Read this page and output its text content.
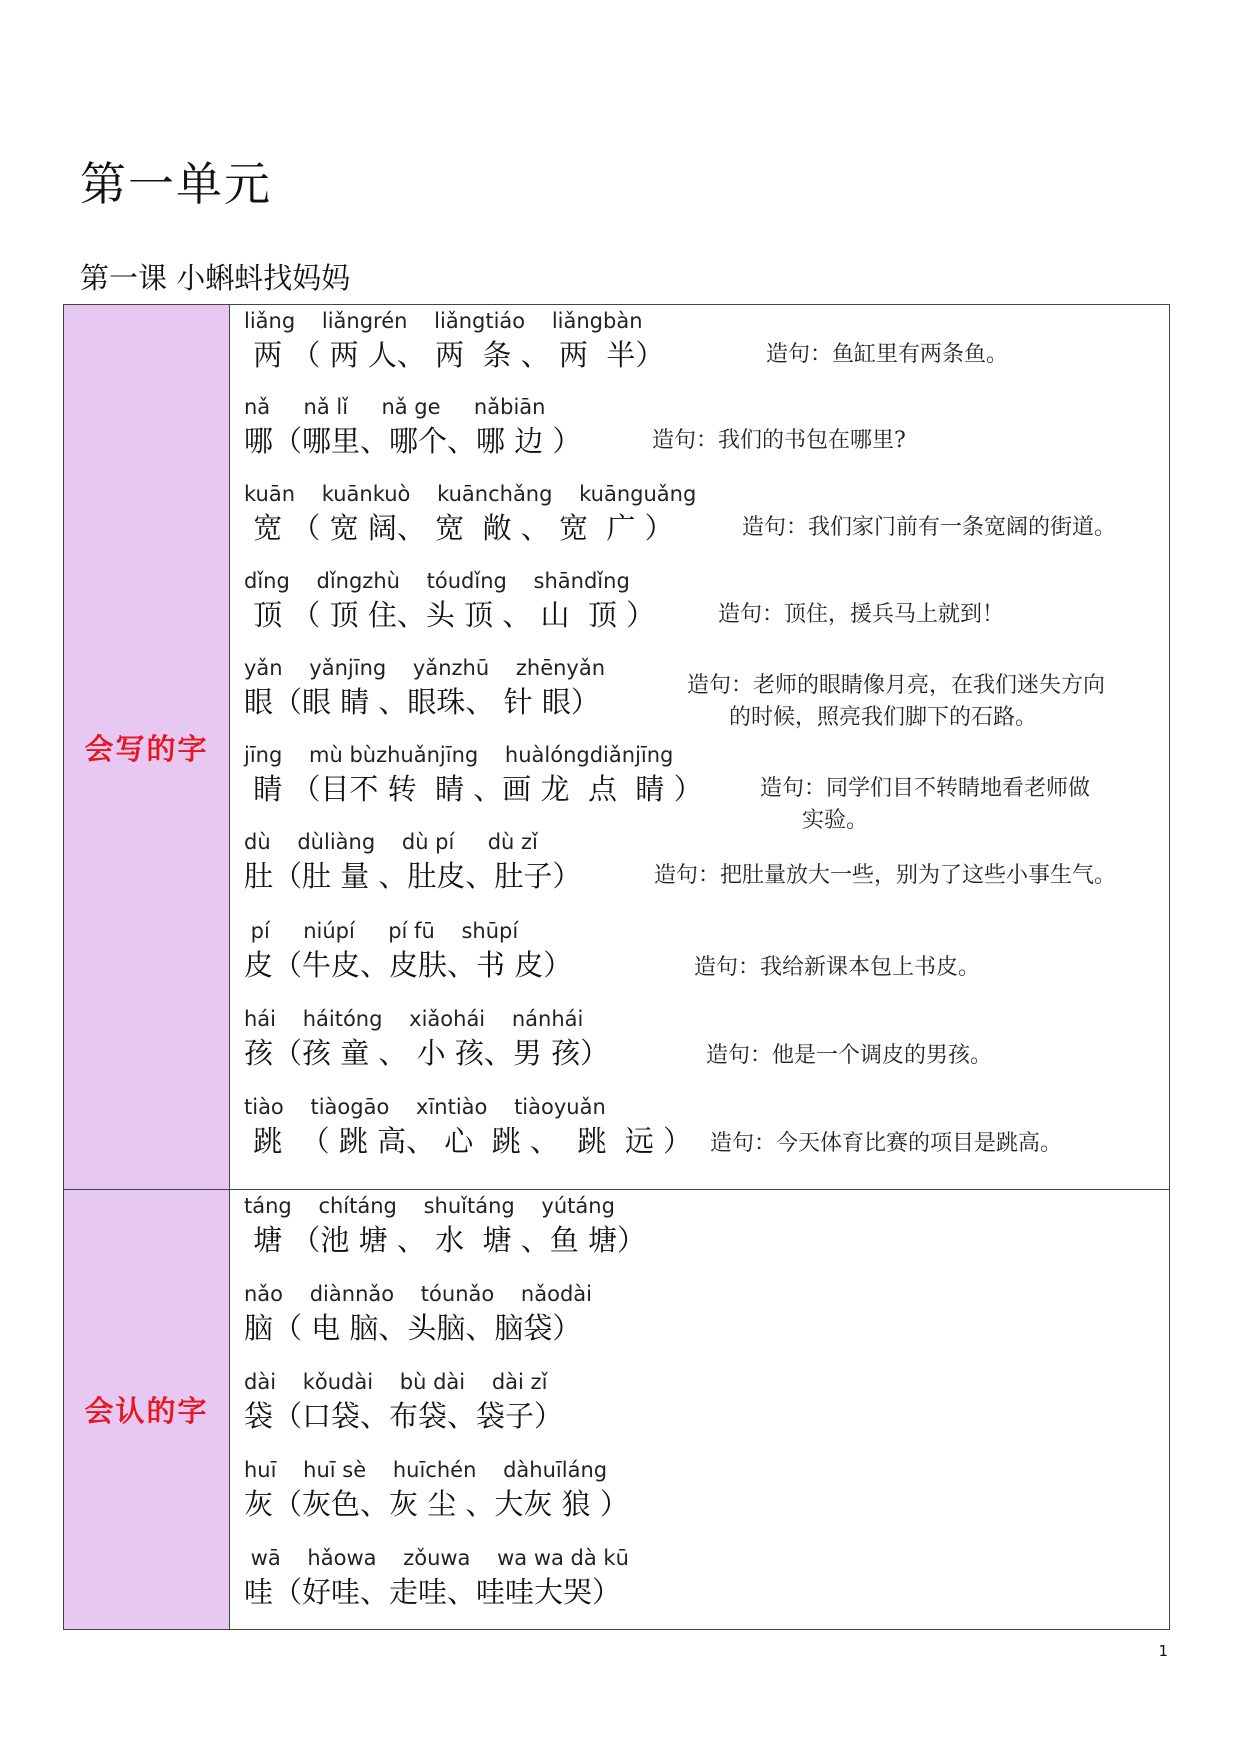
第一单元
第一课 小蝌蚪找妈妈
会写的字
liǎng    liǎngrén    liǎngtiáo    liǎngbàn
两 （ 两 人、 两  条 、 两  半）	造句：鱼缸里有两条鱼。
nǎ     nǎ lǐ     nǎ ge     nǎbiān
哪（哪里、哪个、哪 边 ）	造句：我们的书包在哪里?
kuān    kuānkuò    kuānchǎng    kuānguǎng
宽 （ 宽 阔、 宽  敞 、 宽  广 ）	造句：我们家门前有一条宽阔的街道。
dǐng    dǐngzhù    tóudǐng    shāndǐng
顶 （ 顶 住、头 顶 、 山  顶 ）	造句：顶住，援兵马上就到！
yǎn    yǎnjīng    yǎnzhū    zhēnyǎn
眼（眼 睛 、眼珠、 针 眼）	造句：老师的眼睛像月亮，在我们迷失方向
的时候，照亮我们脚下的石路。
jīng    mù bùzhuǎnjīng    huàlóngdiǎnjīng
睛 （目不 转  睛 、画 龙  点  睛 ）	造句：同学们目不转睛地看老师做
实验。
dù    dùliàng    dù pí     dù zǐ
肚（肚 量 、肚皮、肚子）	造句：把肚量放大一些，别为了这些小事生气。
pí     niúpí     pí fū    shūpí
皮（牛皮、皮肤、书 皮）	造句：我给新课本包上书皮。
hái    háitóng    xiǎohái    nánhái
孩（孩 童 、 小 孩、男 孩）	造句：他是一个调皮的男孩。
tiào    tiàogāo    xīntiào    tiàoyuǎn
跳  （ 跳 高、 心  跳 、  跳  远 ） 造句：今天体育比赛的项目是跳高。
会认的字
táng    chítáng    shuǐtáng    yútáng
塘 （池 塘 、 水  塘 、鱼 塘）
nǎo    diànnǎo    tóunǎo    nǎodài
脑（ 电 脑、头脑、脑袋）
dài    kǒudài    bù dài    dài zǐ
袋（口袋、布袋、袋子）
huī    huī sè    huīchén    dàhuīláng
灰（灰色、灰 尘 、大灰 狼 ）
wā    hǎowa    zǒuwa    wa wa dà kū
哇（好哇、走哇、哇哇大哭）
1
